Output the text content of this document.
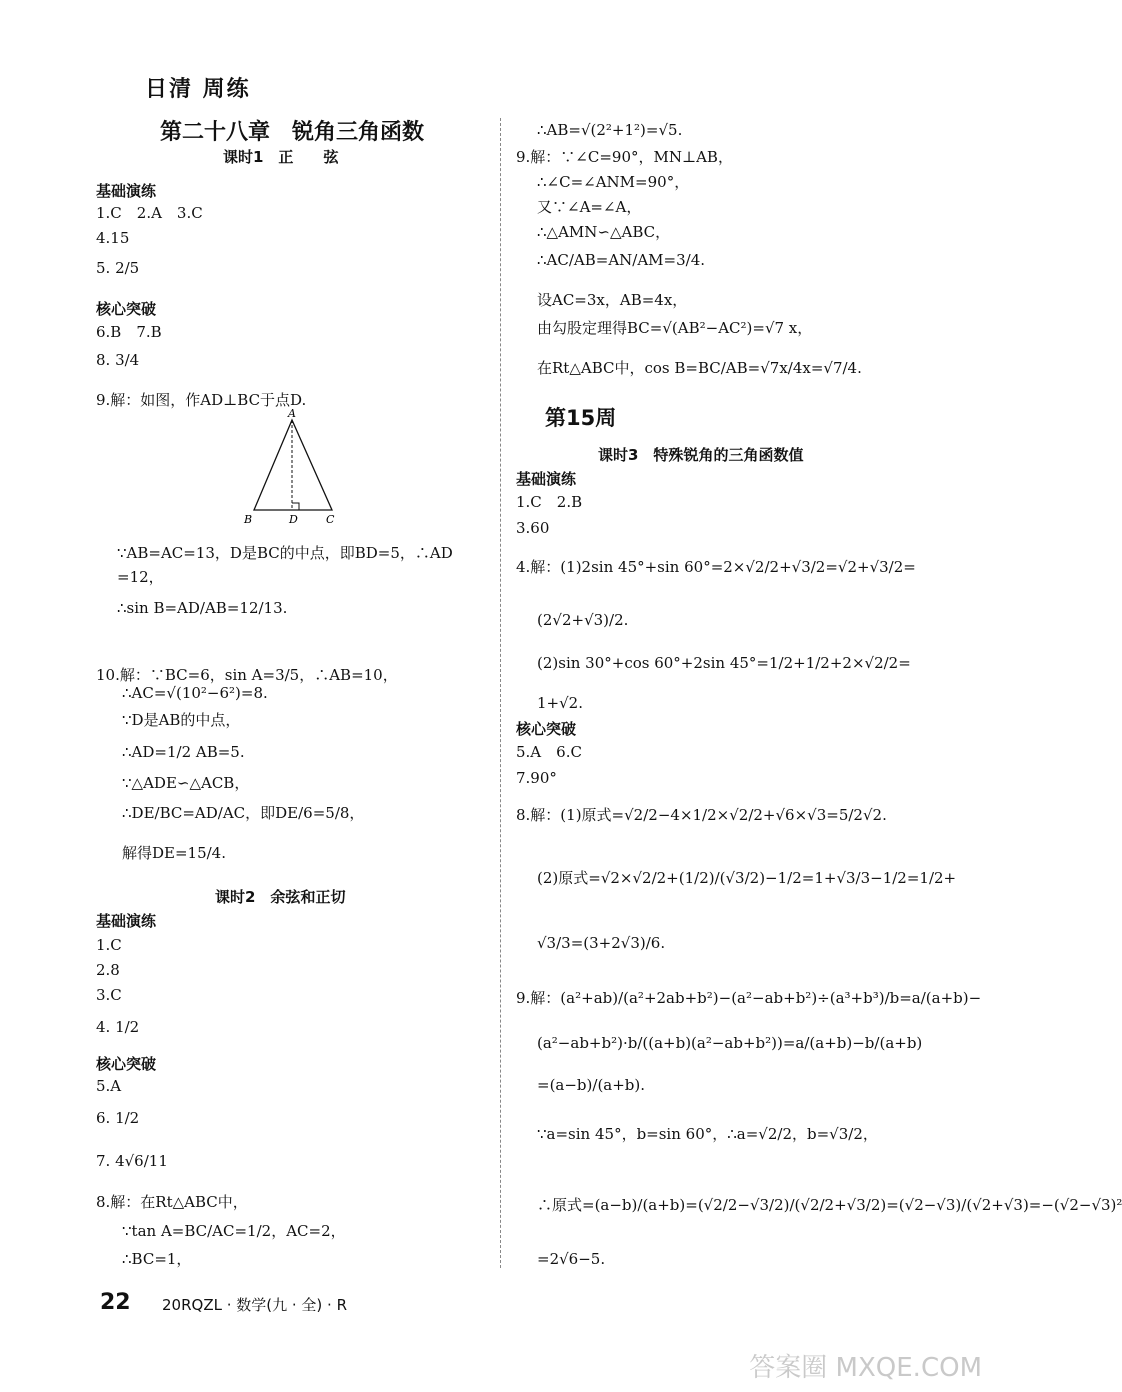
日清 周练
第二十八章　锐角三角函数
课时1　正　　弦
基础演练
1.C　2.A　3.C
4.15
5. 2/5
核心突破
6.B　7.B
8. 3/4
9.解：如图，作AD⊥BC于点D.
∵AB=AC=13，D是BC的中点，即BD=5，∴AD
=12，
∴sin B=AD/AB=12/13.
10.解：∵BC=6，sin A=3/5，∴AB=10，
∴AC=√(10²−6²)=8.
∵D是AB的中点，
∴AD=1/2 AB=5.
∵△ADE∽△ACB，
∴DE/BC=AD/AC，即DE/6=5/8，
解得DE=15/4.
课时2　余弦和正切
基础演练
1.C
2.8
3.C
4. 1/2
核心突破
5.A
6. 1/2
7. 4√6/11
8.解：在Rt△ABC中，
∵tan A=BC/AC=1/2，AC=2，
∴BC=1，
∴AB=√(2²+1²)=√5.
9.解：∵∠C=90°，MN⊥AB，
∴∠C=∠ANM=90°，
又∵∠A=∠A，
∴△AMN∽△ABC，
∴AC/AB=AN/AM=3/4.
设AC=3x，AB=4x，
由勾股定理得BC=√(AB²−AC²)=√7 x，
在Rt△ABC中，cos B=BC/AB=√7x/4x=√7/4.
第15周
课时3　特殊锐角的三角函数值
基础演练
1.C　2.B
3.60
4.解：(1)2sin 45°+sin 60°=2×√2/2+√3/2=√2+√3/2=
(2√2+√3)/2.
(2)sin 30°+cos 60°+2sin 45°=1/2+1/2+2×√2/2=
1+√2.
核心突破
5.A　6.C
7.90°
8.解：(1)原式=√2/2−4×1/2×√2/2+√6×√3=5/2√2.
(2)原式=√2×√2/2+(1/2)/(√3/2)−1/2=1+√3/3−1/2=1/2+
√3/3=(3+2√3)/6.
9.解：(a²+ab)/(a²+2ab+b²)−(a²−ab+b²)÷(a³+b³)/b=a/(a+b)−
(a²−ab+b²)·b/((a+b)(a²−ab+b²))=a/(a+b)−b/(a+b)
=(a−b)/(a+b).
∵a=sin 45°，b=sin 60°，∴a=√2/2，b=√3/2，
∴原式=(a−b)/(a+b)=(√2/2−√3/2)/(√2/2+√3/2)=(√2−√3)/(√2+√3)=−(√2−√3)²
=2√6−5.
A
B	D	C
22 20RQZL · 数学(九 · 全) · R
答案圈 MXQE.COM
